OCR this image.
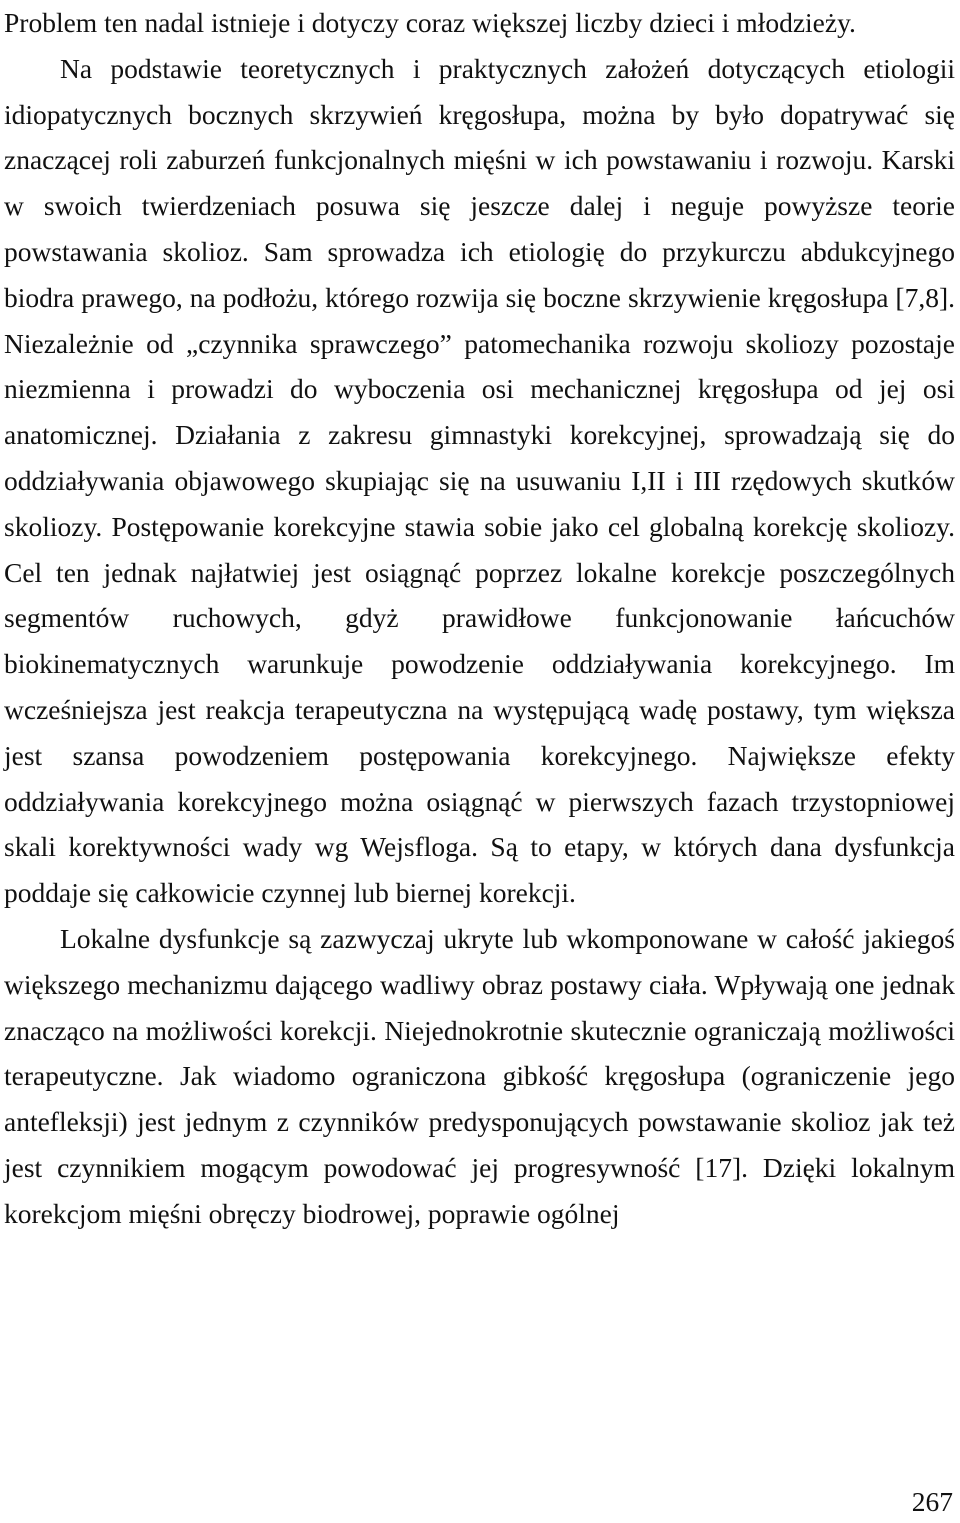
Problem ten nadal istnieje i dotyczy coraz większej liczby dzieci i młodzieży.

Na podstawie teoretycznych i praktycznych założeń dotyczących etiologii idiopatycznych bocznych skrzywień kręgosłupa, można by było dopatrywać się znaczącej roli zaburzeń funkcjonalnych mięśni w ich powstawaniu i rozwoju. Karski w swoich twierdzeniach posuwa się jeszcze dalej i neguje powyższe teorie powstawania skolioz. Sam sprowadza ich etiologię do przykurczu abdukcyjnego biodra prawego, na podłożu, którego rozwija się boczne skrzywienie kręgosłupa [7,8]. Niezależnie od „czynnika sprawczego” patomechanika rozwoju skoliozy pozostaje niezmienna i prowadzi do wyboczenia osi mechanicznej kręgosłupa od jej osi anatomicznej. Działania z zakresu gimnastyki korekcyjnej, sprowadzają się do oddziaływania objawowego skupiając się na usuwaniu I,II i III rzędowych skutków skoliozy. Postępowanie korekcyjne stawia sobie jako cel globalną korekcję skoliozy. Cel ten jednak najłatwiej jest osiągnąć poprzez lokalne korekcje poszczególnych segmentów ruchowych, gdyż prawidłowe funkcjonowanie łańcuchów biokinematycznych warunkuje powodzenie oddziaływania korekcyjnego. Im wcześniejsza jest reakcja terapeutyczna na występującą wadę postawy, tym większa jest szansa powodzeniem postępowania korekcyjnego. Największe efekty oddziaływania korekcyjnego można osiągnąć w pierwszych fazach trzystopniowej skali korektywności wady wg Wejsfloga. Są to etapy, w których dana dysfunkcja poddaje się całkowicie czynnej lub biernej korekcji.

Lokalne dysfunkcje są zazwyczaj ukryte lub wkomponowane w całość jakiegoś większego mechanizmu dającego wadliwy obraz postawy ciała. Wpływają one jednak znacząco na możliwości korekcji. Niejednokrotnie skutecznie ograniczają możliwości terapeutyczne. Jak wiadomo ograniczona gibkość kręgosłupa (ograniczenie jego antefleksji) jest jednym z czynników predysponujących powstawanie skolioz jak też jest czynnikiem mogącym powodować jej progresywność [17]. Dzięki lokalnym korekcjom mięśni obręczy biodrowej, poprawie ogólnej

267
